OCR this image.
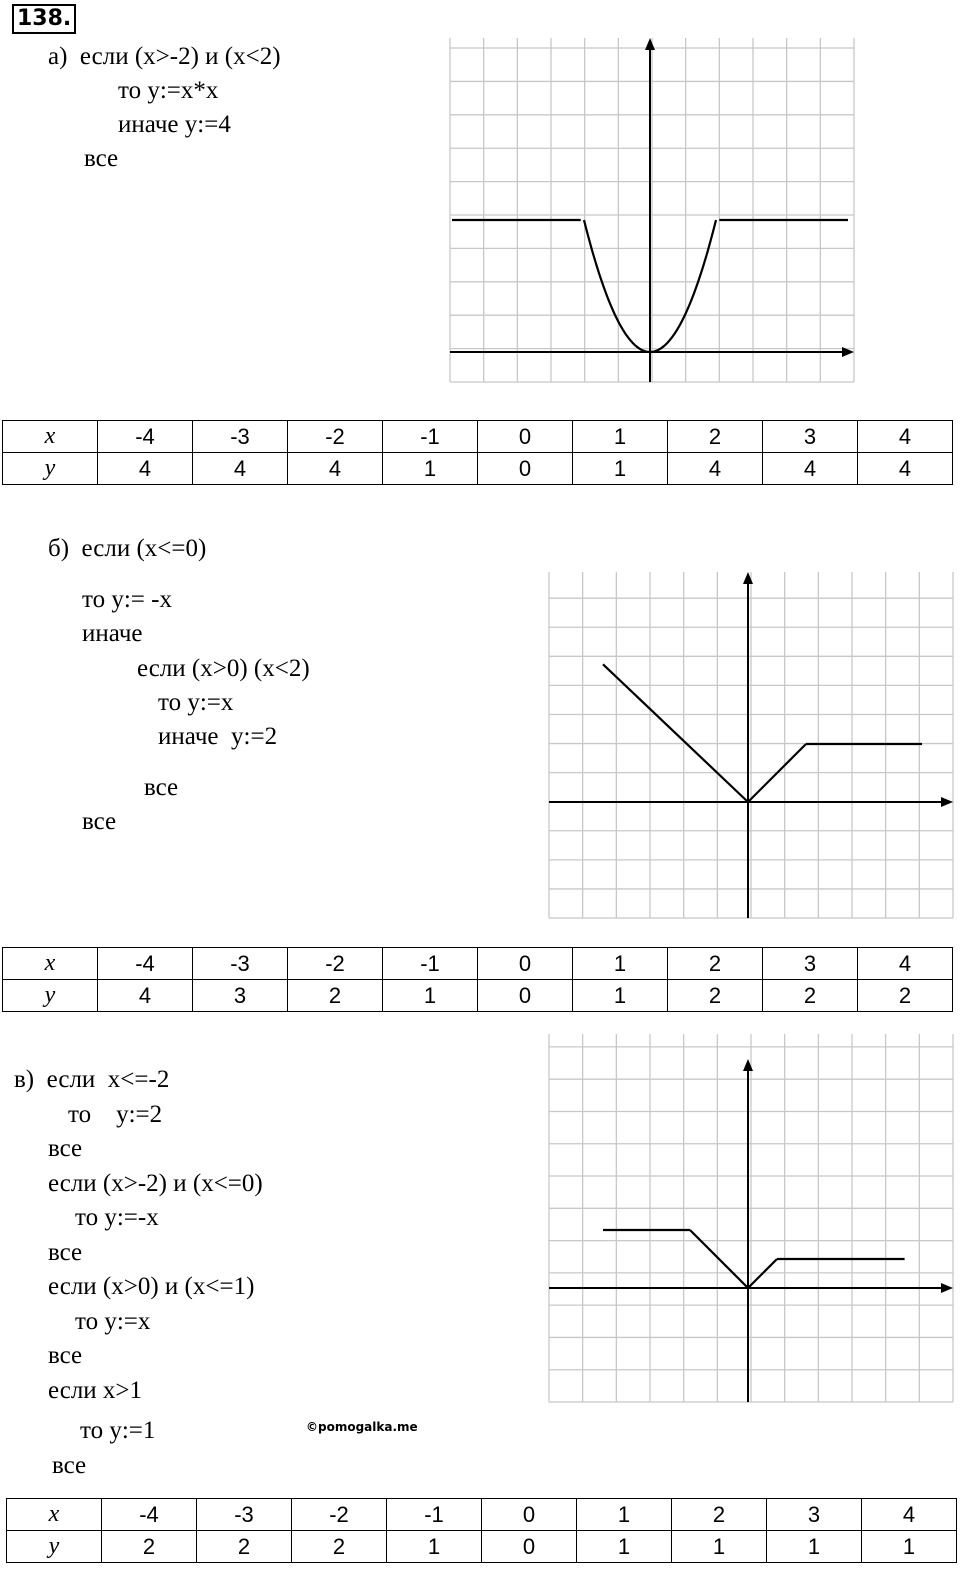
138.
а)  если (x>-2) и (x<2)
то y:=x*x
иначе y:=4
все
x	-4	-3	-2	-1	0	1	2	3	4
y	4	4	4	1	0	1	4	4	4
б)  если (x<=0)
то y:= -x
иначе
если (x>0) (x<2)
то y:=x
иначе  y:=2
все
все
x	-4	-3	-2	-1	0	1	2	3	4
y	4	3	2	1	0	1	2	2	2
в)  если  x<=-2
то    y:=2
все
если (x>-2) и (x<=0)
то y:=-x
все
если (x>0) и (x<=1)
то y:=x
все
если x>1
то y:=1
все
©pomogalka.me
x	-4	-3	-2	-1	0	1	2	3	4
y	2	2	2	1	0	1	1	1	1
